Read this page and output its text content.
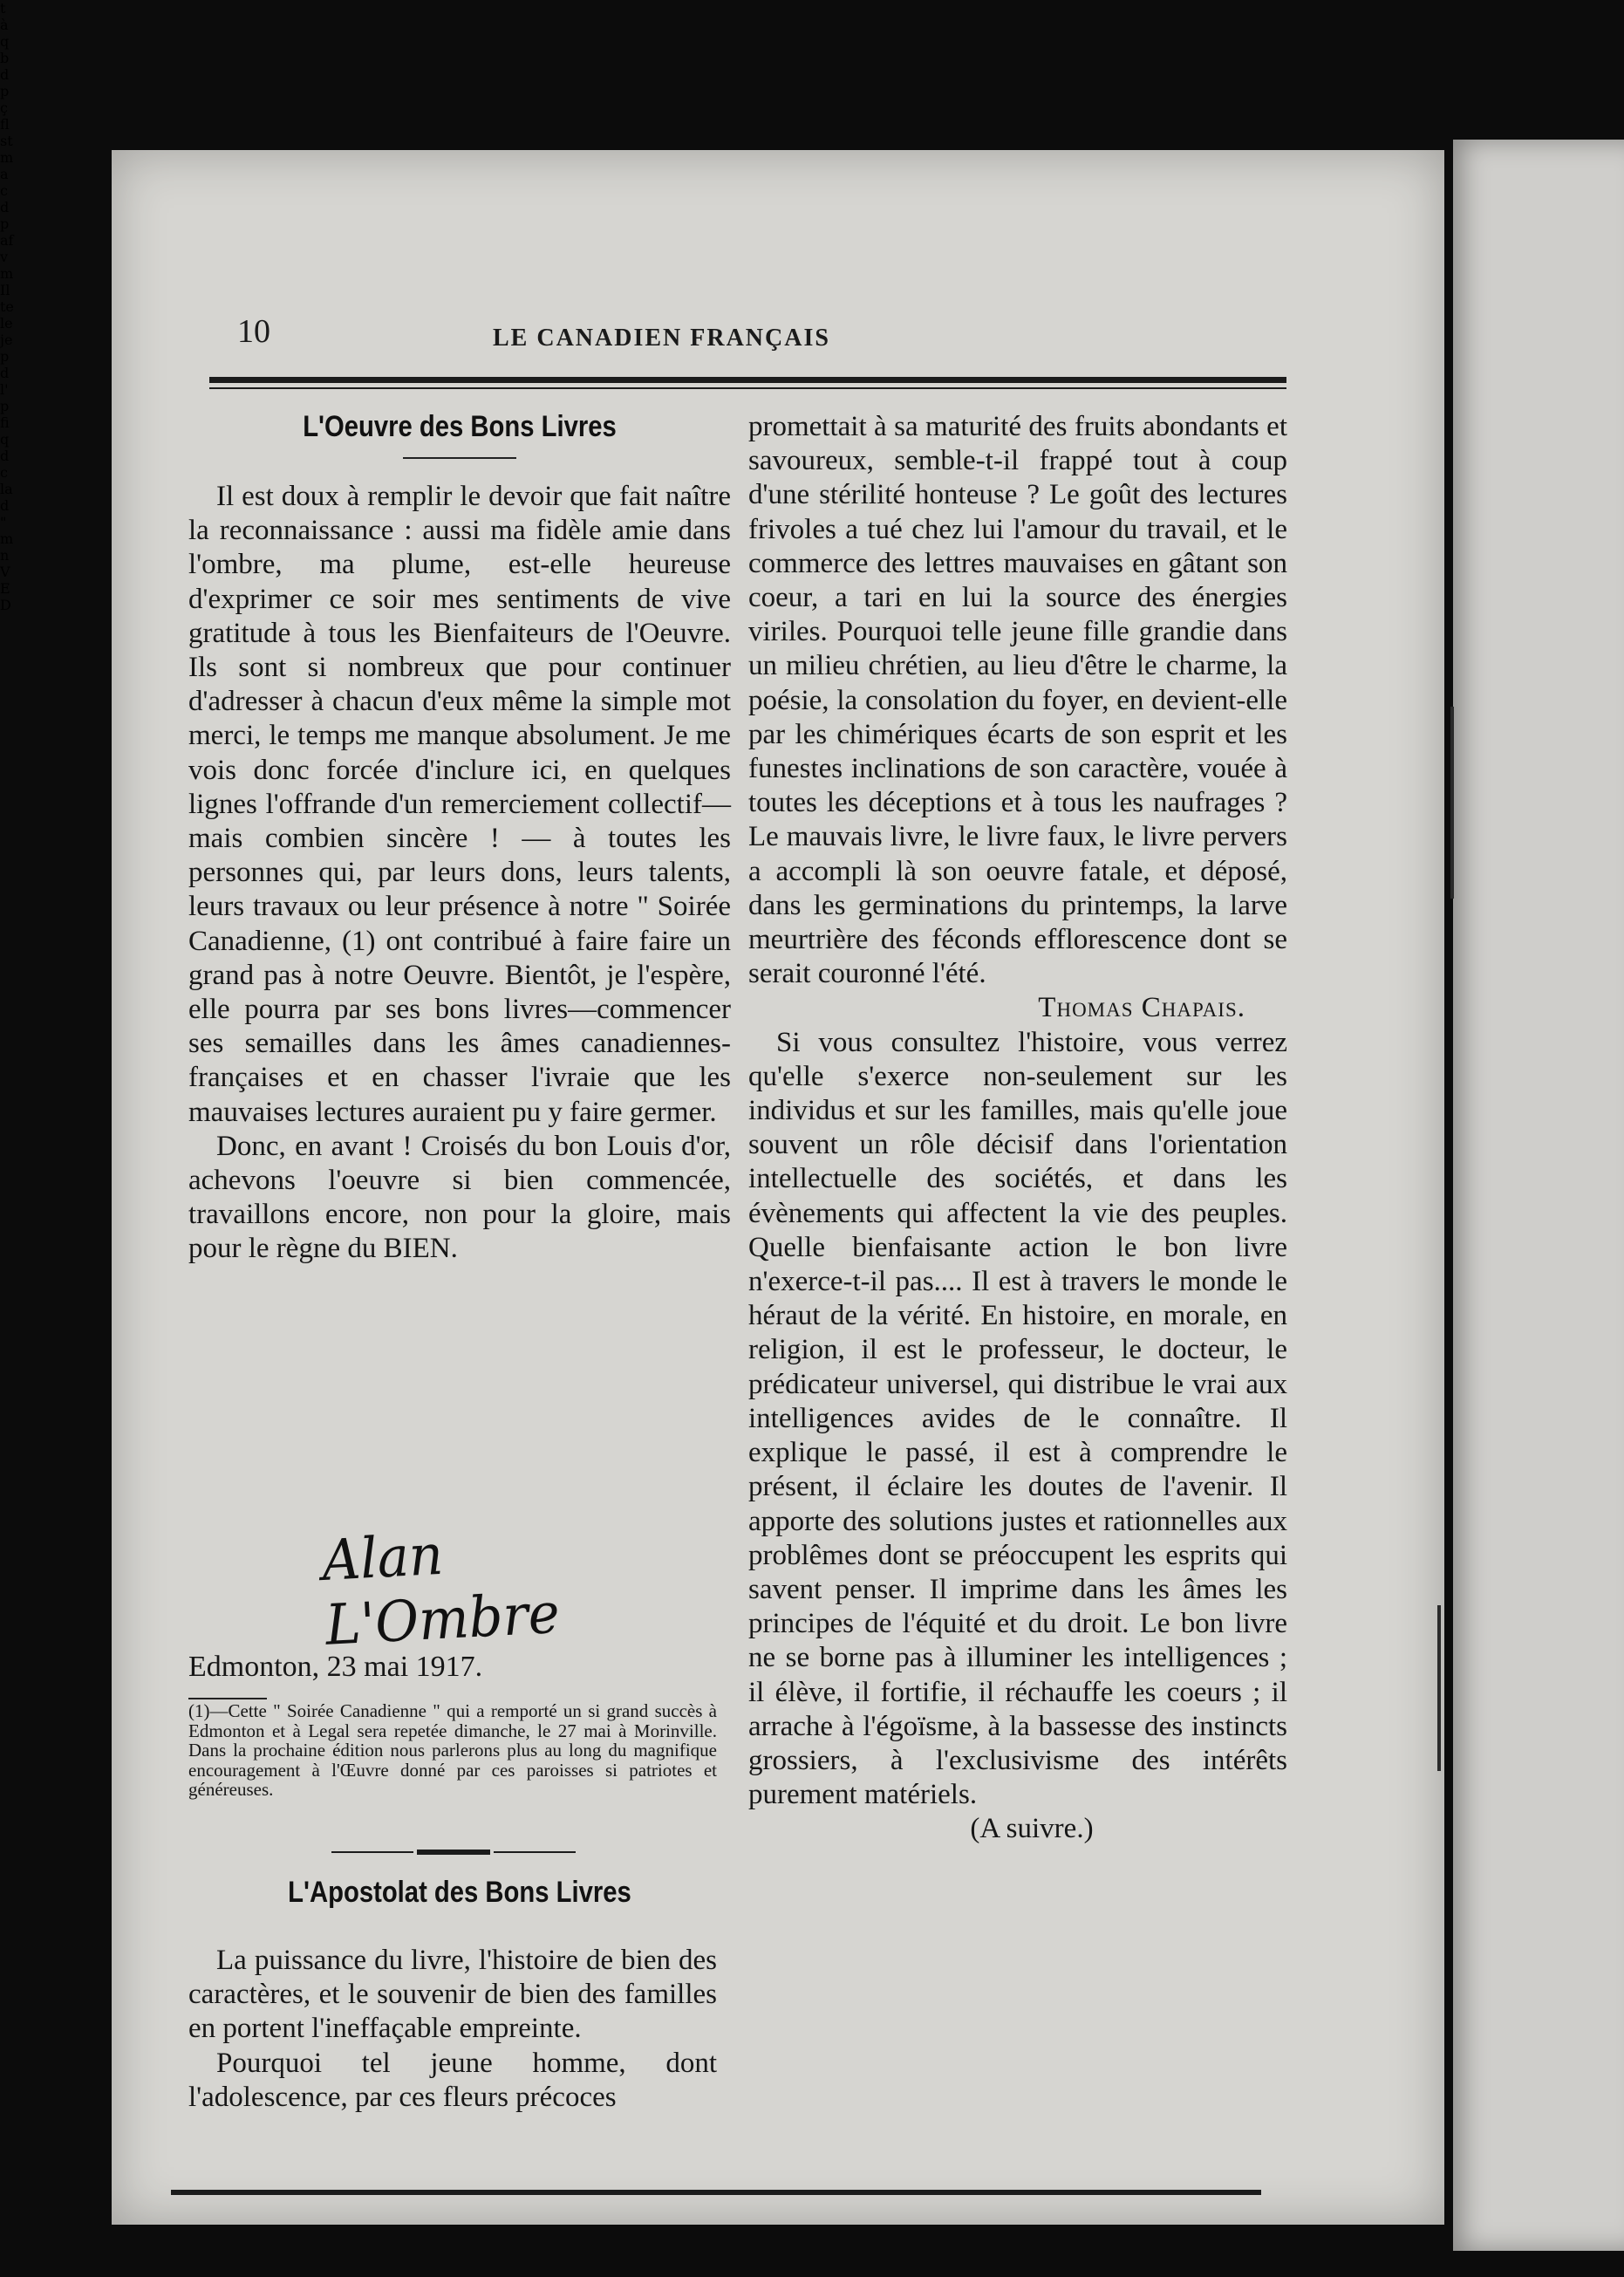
10	LE CANADIEN FRANÇAIS
L'Oeuvre des Bons Livres

Il est doux à remplir le devoir que fait naître la reconnaissance : aussi ma fidèle amie dans l'ombre, ma plume, est-elle heureuse d'exprimer ce soir mes sentiments de vive gratitude à tous les Bienfaiteurs de l'Oeuvre. Ils sont si nombreux que pour continuer d'adresser à chacun d'eux même la simple mot merci, le temps me manque absolument. Je me vois donc forcée d'inclure ici, en quelques lignes l'offrande d'un remerciement collectif—mais combien sincère ! — à toutes les personnes qui, par leurs dons, leurs talents, leurs travaux ou leur présence à notre " Soirée Canadienne, (1) ont contribué à faire faire un grand pas à notre Oeuvre. Bientôt, je l'espère, elle pourra par ses bons livres—commencer ses semailles dans les âmes canadiennes-françaises et en chasser l'ivraie que les mauvaises lectures auraient pu y faire germer.

Donc, en avant ! Croisés du bon Louis d'or, achevons l'oeuvre si bien commencée, travaillons encore, non pour la gloire, mais pour le règne du BIEN.

Alan L'Ombre
Edmonton, 23 mai 1917.
(1)—Cette " Soirée Canadienne " qui a remporté un si grand succès à Edmonton et à Legal sera repetée dimanche, le 27 mai à Morinville. Dans la prochaine édition nous parlerons plus au long du magnifique encouragement à l'Œuvre donné par ces paroisses si patriotes et généreuses.
L'Apostolat des Bons Livres

La puissance du livre, l'histoire de bien des caractères, et le souvenir de bien des familles en portent l'ineffaçable empreinte.

Pourquoi tel jeune homme, dont l'adolescence, par ces fleurs précoces

promettait à sa maturité des fruits abondants et savoureux, semble-t-il frappé tout à coup d'une stérilité honteuse ? Le goût des lectures frivoles a tué chez lui l'amour du travail, et le commerce des lettres mauvaises en gâtant son coeur, a tari en lui la source des énergies viriles. Pourquoi telle jeune fille grandie dans un milieu chrétien, au lieu d'être le charme, la poésie, la consolation du foyer, en devient-elle par les chimériques écarts de son esprit et les funestes inclinations de son caractère, vouée à toutes les déceptions et à tous les naufrages ? Le mauvais livre, le livre faux, le livre pervers a accompli là son oeuvre fatale, et déposé, dans les germinations du printemps, la larve meurtrière des féconds efflorescence dont se serait couronné l'été.

Thomas Chapais.

Si vous consultez l'histoire, vous verrez qu'elle s'exerce non-seulement sur les individus et sur les familles, mais qu'elle joue souvent un rôle décisif dans l'orientation intellectuelle des sociétés, et dans les évènements qui affectent la vie des peuples. Quelle bienfaisante action le bon livre n'exerce-t-il pas.... Il est à travers le monde le héraut de la vérité. En histoire, en morale, en religion, il est le professeur, le docteur, le prédicateur universel, qui distribue le vrai aux intelligences avides de le connaître. Il explique le passé, il est à comprendre le présent, il éclaire les doutes de l'avenir. Il apporte des solutions justes et rationnelles aux problêmes dont se préoccupent les esprits qui savent penser. Il imprime dans les âmes les principes de l'équité et du droit. Le bon livre ne se borne pas à illuminer les intelligences ; il élève, il fortifie, il réchauffe les coeurs ; il arrache à l'égoïsme, à la bassesse des instincts grossiers, à l'exclusivisme des intérêts purement matériels.

(A suivre.)

t
à
q
b
d
p
ç
fl
st
m
a
c
d
p
af
v
m
Il
te
le
je
p
d
l'
p
fi
q
d
c
la
d
"
m
n
V
E
D
